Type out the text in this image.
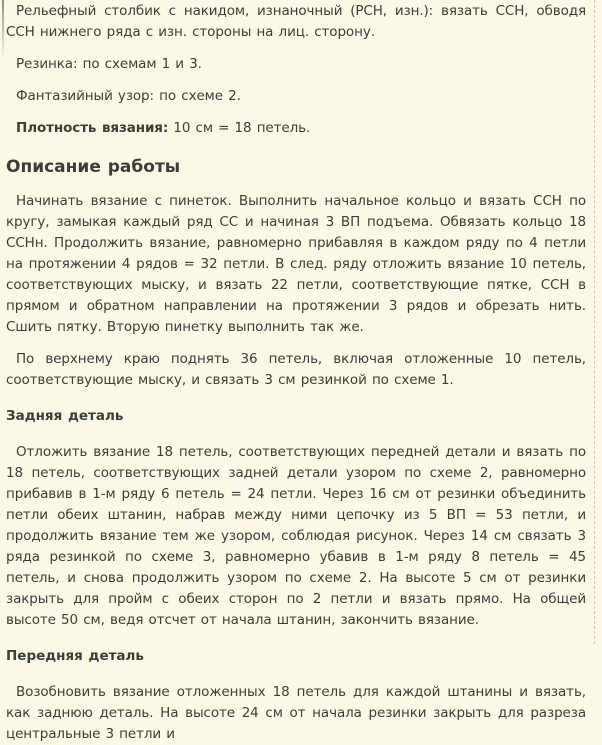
Рельефный столбик с накидом, изнаночный (РСН, изн.): вязать ССН, обводя ССН нижнего ряда с изн. стороны на лиц. сторону.

Резинка: по схемам 1 и 3.

Фантазийный узор: по схеме 2.

Плотность вязания: 10 см = 18 петель.

Описание работы

Начинать вязание с пинеток. Выполнить начальное кольцо и вязать ССН по кругу, замыкая каждый ряд СС и начиная 3 ВП подъема. Обвязать кольцо 18 ССНн. Продолжить вязание, равномерно прибавляя в каждом ряду по 4 петли на протяжении 4 рядов = 32 петли. В след. ряду отложить вязание 10 петель, соответствующих мыску, и вязать 22 петли, соответствующие пятке, ССН в прямом и обратном направлении на протяжении 3 рядов и обрезать нить. Сшить пятку. Вторую пинетку выполнить так же.

По верхнему краю поднять 36 петель, включая отложенные 10 петель, соответствующие мыску, и связать 3 см резинкой по схеме 1.

Задняя деталь

Отложить вязание 18 петель, соответствующих передней детали и вязать по 18 петель, соответствующих задней детали узором по схеме 2, равномерно прибавив в 1-м ряду 6 петель = 24 петли. Через 16 см от резинки объединить петли обеих штанин, набрав между ними цепочку из 5 ВП = 53 петли, и продолжить вязание тем же узором, соблюдая рисунок. Через 14 см связать 3 ряда резинкой по схеме 3, равномерно убавив в 1-м ряду 8 петель = 45 петель, и снова продолжить узором по схеме 2. На высоте 5 см от резинки закрыть для пройм с обеих сторон по 2 петли и вязать прямо. На общей высоте 50 см, ведя отсчет от начала штанин, закончить вязание.

Передняя деталь

Возобновить вязание отложенных 18 петель для каждой штанины и вязать, как заднюю деталь. На высоте 24 см от начала резинки закрыть для разреза центральные 3 петли и
